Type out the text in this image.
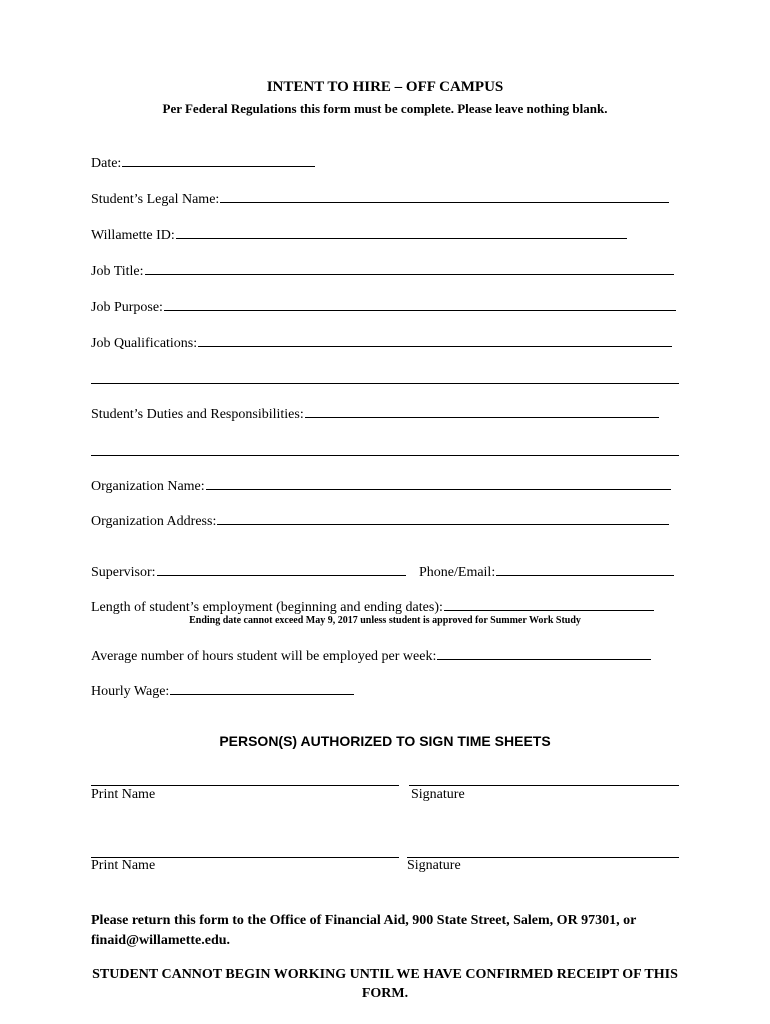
INTENT TO HIRE – OFF CAMPUS
Per Federal Regulations this form must be complete. Please leave nothing blank.
Date:
Student’s Legal Name:
Willamette ID:
Job Title:
Job Purpose:
Job Qualifications:
Student’s Duties and Responsibilities:
Organization Name:
Organization Address:
Supervisor:	Phone/Email:
Length of student’s employment (beginning and ending dates):
Ending date cannot exceed May 9, 2017 unless student is approved for Summer Work Study
Average number of hours student will be employed per week:
Hourly Wage:
PERSON(S) AUTHORIZED TO SIGN TIME SHEETS
Print Name	Signature
Print Name	Signature
Please return this form to the Office of Financial Aid, 900 State Street, Salem, OR 97301, or finaid@willamette.edu.
STUDENT CANNOT BEGIN WORKING UNTIL WE HAVE CONFIRMED RECEIPT OF THIS FORM.
